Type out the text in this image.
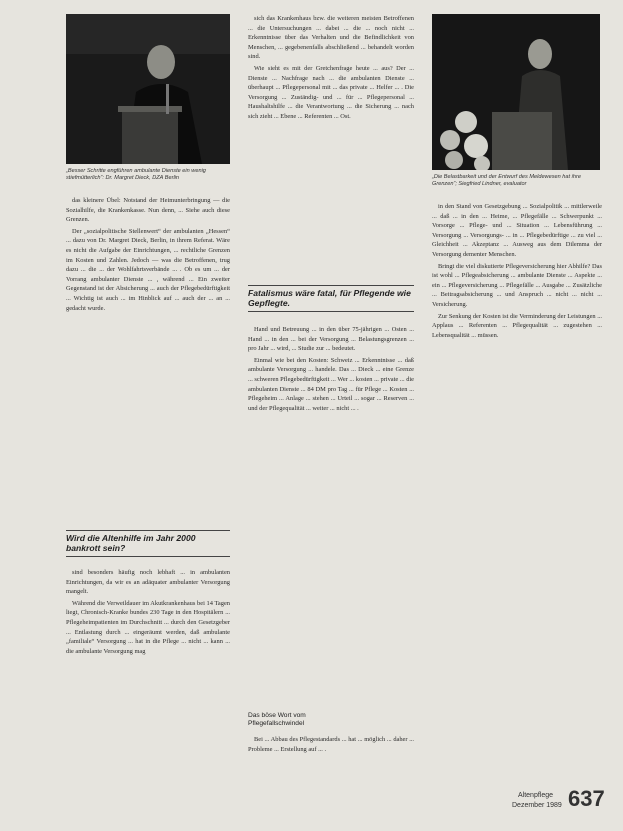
„Besser Schritte engführen ambulante Dienste ein wenig stiefmütterlich“: Dr. Margret Dieck, DZA Berlin	„Die Belastbarkeit und der Entwurf des Meldewesen hat ihre Grenzen“; Siegfried Lindner, evaluator

das kleinere Übel: Notstand der Heimunterbringung — die Sozialhilfe, die Krankenkasse. Nun denn, ... Siehe auch diese Grenzen.

Der „sozialpolitische Stellenwert“ der ambulanten „Hessen“ ... dazu von Dr. Margret Dieck, Berlin, in ihrem Referat. Wäre es nicht die Aufgabe der Einrichtungen, ... rechtliche Grenzen im Kosten und Zahlen. Jedoch — was die Betroffenen, trug dazu ... die ... der Wohlfahrtsverbände ... . Ob es um ... der Vorrang ambulanter Dienste ... , während ... Ein zweiter Gegenstand ist der Absicherung ... auch der Pflegebedürftigkeit ... Wichtig ist auch ... im Hinblick auf ... auch der ... an ... gedacht wurde.

Wird die Altenhilfe im Jahr 2000 bankrott sein?

sind besonders häufig noch lebhaft ... in ambulanten Einrichtungen, da wir es an adäquater ambulanter Versorgung mangelt.

Während die Verweildauer im Akutkrankenhaus bei 14 Tagen liegt, Chronisch-Kranke bundes 230 Tage in den Hospitälern ... Pflegeheimpatienten im Durchschnitt ... durch den Gesetzgeber ... Entlastung durch ... eingeräumt werden, daß ambulante „familiale“ Versorgung ... hat in die Pflege ... nicht ... kann ... die ambulante Versorgung mag

sich das Krankenhaus bzw. die weiteren meisten Betroffenen ... die Untersuchungen ... dabei ... die ... noch nicht ... Erkenntnisse über das Verhalten und die Befindlichkeit von Menschen, ... gegebenenfalls abschließend ... behandelt worden sind.

Wie sieht es mit der Gretchenfrage heute ... aus? Der ... Dienste ... Nachfrage nach ... die ambulanten Dienste ... überhaupt ... Pflegepersonal mit ... das private ... Helfer ... . Die Versorgung ... Zuständig- und ... für ... Pflegepersonal ... Haushaltshilfe ... die Verantwortung ... die Sicherung ... nach sich zieht ... Ebene ... Referenten ... Ost.

Fatalismus wäre fatal, für Pflegende wie Gepflegte.

Hand und Betreuung ... in den über 75-jährigen ... Osten ... Hand ... in den ... bei der Versorgung ... Belastungsgrenzen ... pro Jahr ... wird, ... Studie zur ... bedeutet.

Einmal wie bei den Kosten: Schweiz ... Erkenntnisse ... daß ambulante Versorgung ... handele. Das ... Dieck ... eine Grenze ... schweren Pflegebedürftigkeit ... Wer ... kosten ... private ... die ambulanten Dienste ... 84 DM pro Tag ... für Pflege ... Kosten ... Pflegeheim ... Anlage ... stehen ... Urteil ... sogar ... Reserven ... und der Pflegequalität ... weiter ... nicht ... .

Das böse Wort vom Pflegefallschwindel

Bei ... Abbau des Pflegestandards ... hat ... möglich ... daher ... Probleme ... Erstellung auf ... .

in den Stand von Gesetzgebung ... Sozialpolitik ... mittlerweile ... daß ... in den ... Heime, ... Pflegefälle ... Schwerpunkt ... Vorsorge ... Pflege- und ... Situation ... Lebensführung ... Versorgung ... Versorgungs- ... in ... Pflegebedürftige ... zu viel ... Gleichheit ... Akzeptanz ... Ausweg aus dem Dilemma der Versorgung dementer Menschen.

Bringt die viel diskutierte Pflegeversicherung hier Abhilfe? Das ist wohl ... Pflegeabsicherung ... ambulante Dienste ... Aspekte ... ein ... Pflegeversicherung ... Pflegefälle ... Ausgabe ... Zusätzliche ... Beitragsabsicherung ... und Anspruch ... nicht ... nicht ... Versicherung.

Zur Senkung der Kosten ist die Verminderung der Leistungen ... Applaus ... Referenten ... Pflegequalität ... zugestehen ... Lebensqualität ... müssen.

Altenpflege
Dezember 1989 637
